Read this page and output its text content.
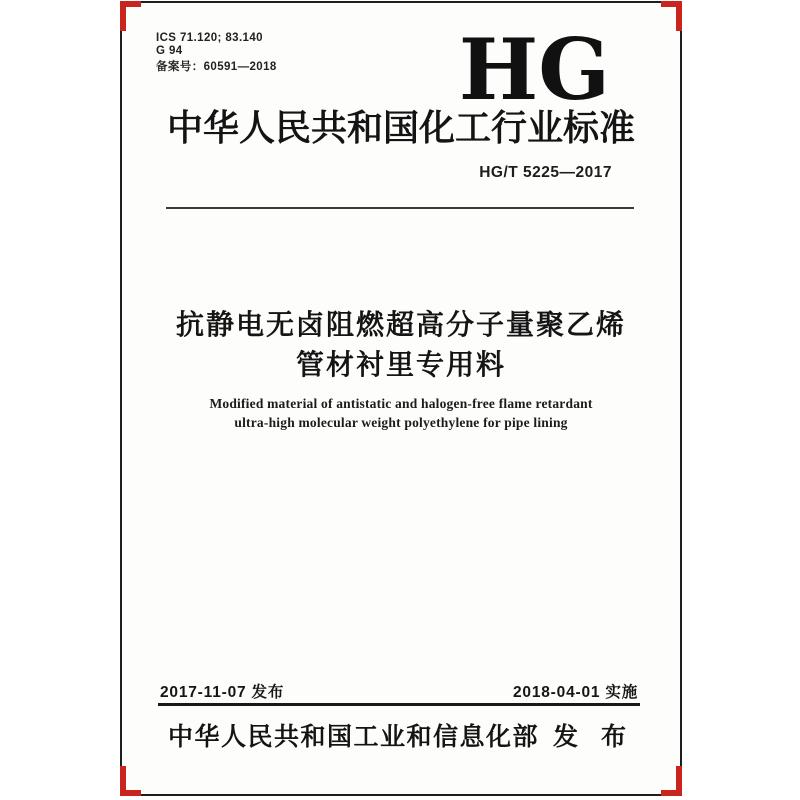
ICS 71.120; 83.140
G 94
备案号：60591—2018 HG
中华人民共和国化工行业标准
HG/T 5225—2017
抗静电无卤阻燃超高分子量聚乙烯
管材衬里专用料
Modified material of antistatic and halogen-free flame retardant
ultra-high molecular weight polyethylene for pipe lining
2017-11-07 发布	2018-04-01 实施
中华人民共和国工业和信息化部 发 布
